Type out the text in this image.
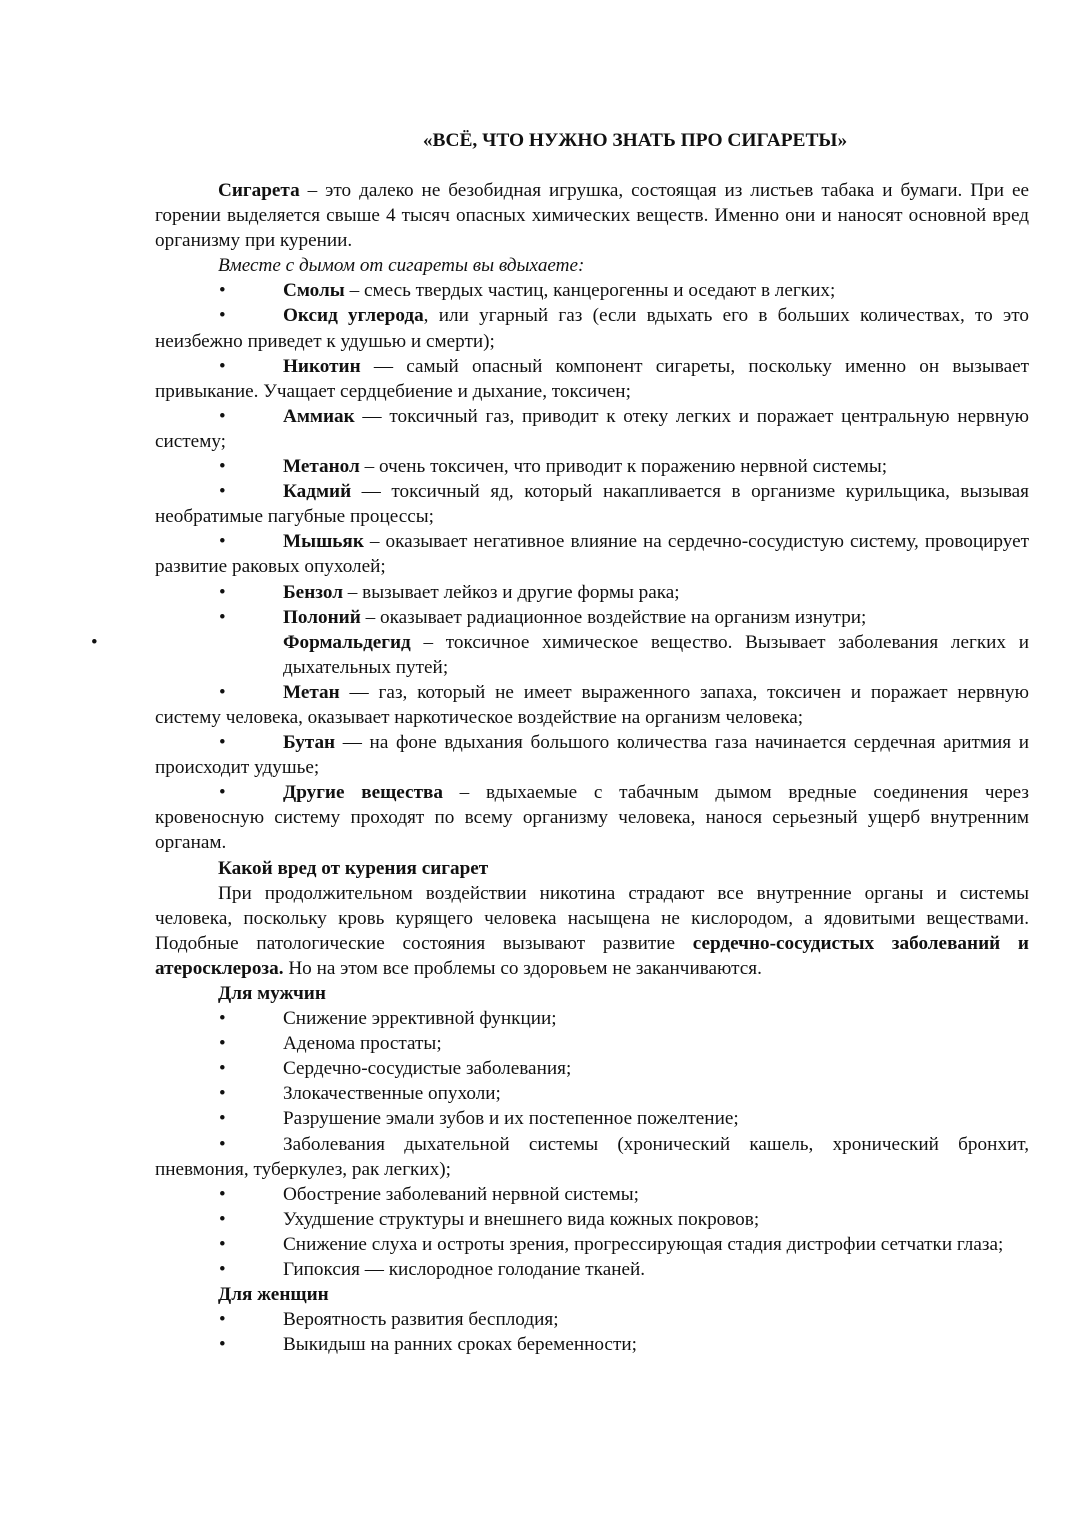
«ВСЁ, ЧТО НУЖНО ЗНАТЬ ПРО СИГАРЕТЫ»

Сигарета – это далеко не безобидная игрушка, состоящая из листьев табака и бумаги. При ее горении выделяется свыше 4 тысяч опасных химических веществ. Именно они и наносят основной вред организму при курении.

Вместе с дымом от сигареты вы вдыхаете:

•	Смолы – смесь твердых частиц, канцерогенны и оседают в легких;

•	Оксид углерода, или угарный газ (если вдыхать его в больших количествах, то это неизбежно приведет к удушью и смерти);

•	Никотин — самый опасный компонент сигареты, поскольку именно он вызывает привыкание. Учащает сердцебиение и дыхание, токсичен;

•	Аммиак — токсичный газ, приводит к отеку легких и поражает центральную нервную систему;

•	Метанол – очень токсичен, что приводит к поражению нервной системы;

•	Кадмий — токсичный яд, который накапливается в организме курильщика, вызывая необратимые пагубные процессы;

•	Мышьяк – оказывает негативное влияние на сердечно-сосудистую систему, провоцирует развитие раковых опухолей;

•	Бензол – вызывает лейкоз и другие формы рака;

•	Полоний – оказывает радиационное воздействие на организм изнутри;

•	Формальдегид – токсичное химическое вещество. Вызывает заболевания легких и дыхательных путей;

•	Метан — газ, который не имеет выраженного запаха, токсичен и поражает нервную систему человека, оказывает наркотическое воздействие на организм человека;

•	Бутан — на фоне вдыхания большого количества газа начинается сердечная аритмия и происходит удушье;

•	Другие вещества – вдыхаемые с табачным дымом вредные соединения через кровеносную систему проходят по всему организму человека, нанося серьезный ущерб внутренним органам.

Какой вред от курения сигарет

При продолжительном воздействии никотина страдают все внутренние органы и системы человека, поскольку кровь курящего человека насыщена не кислородом, а ядовитыми веществами. Подобные патологические состояния вызывают развитие сердечно-сосудистых заболеваний и атеросклероза. Но на этом все проблемы со здоровьем не заканчиваются.

Для мужчин

•	Снижение эррективной функции;

•	Аденома простаты;

•	Сердечно-сосудистые заболевания;

•	Злокачественные опухоли;

•	Разрушение эмали зубов и их постепенное пожелтение;

•	Заболевания дыхательной системы (хронический кашель, хронический бронхит, пневмония, туберкулез, рак легких);

•	Обострение заболеваний нервной системы;

•	Ухудшение структуры и внешнего вида кожных покровов;

•	Снижение слуха и остроты зрения, прогрессирующая стадия дистрофии сетчатки глаза;

•	Гипоксия — кислородное голодание тканей.

Для женщин

•	Вероятность развития бесплодия;

•	Выкидыш на ранних сроках беременности;
